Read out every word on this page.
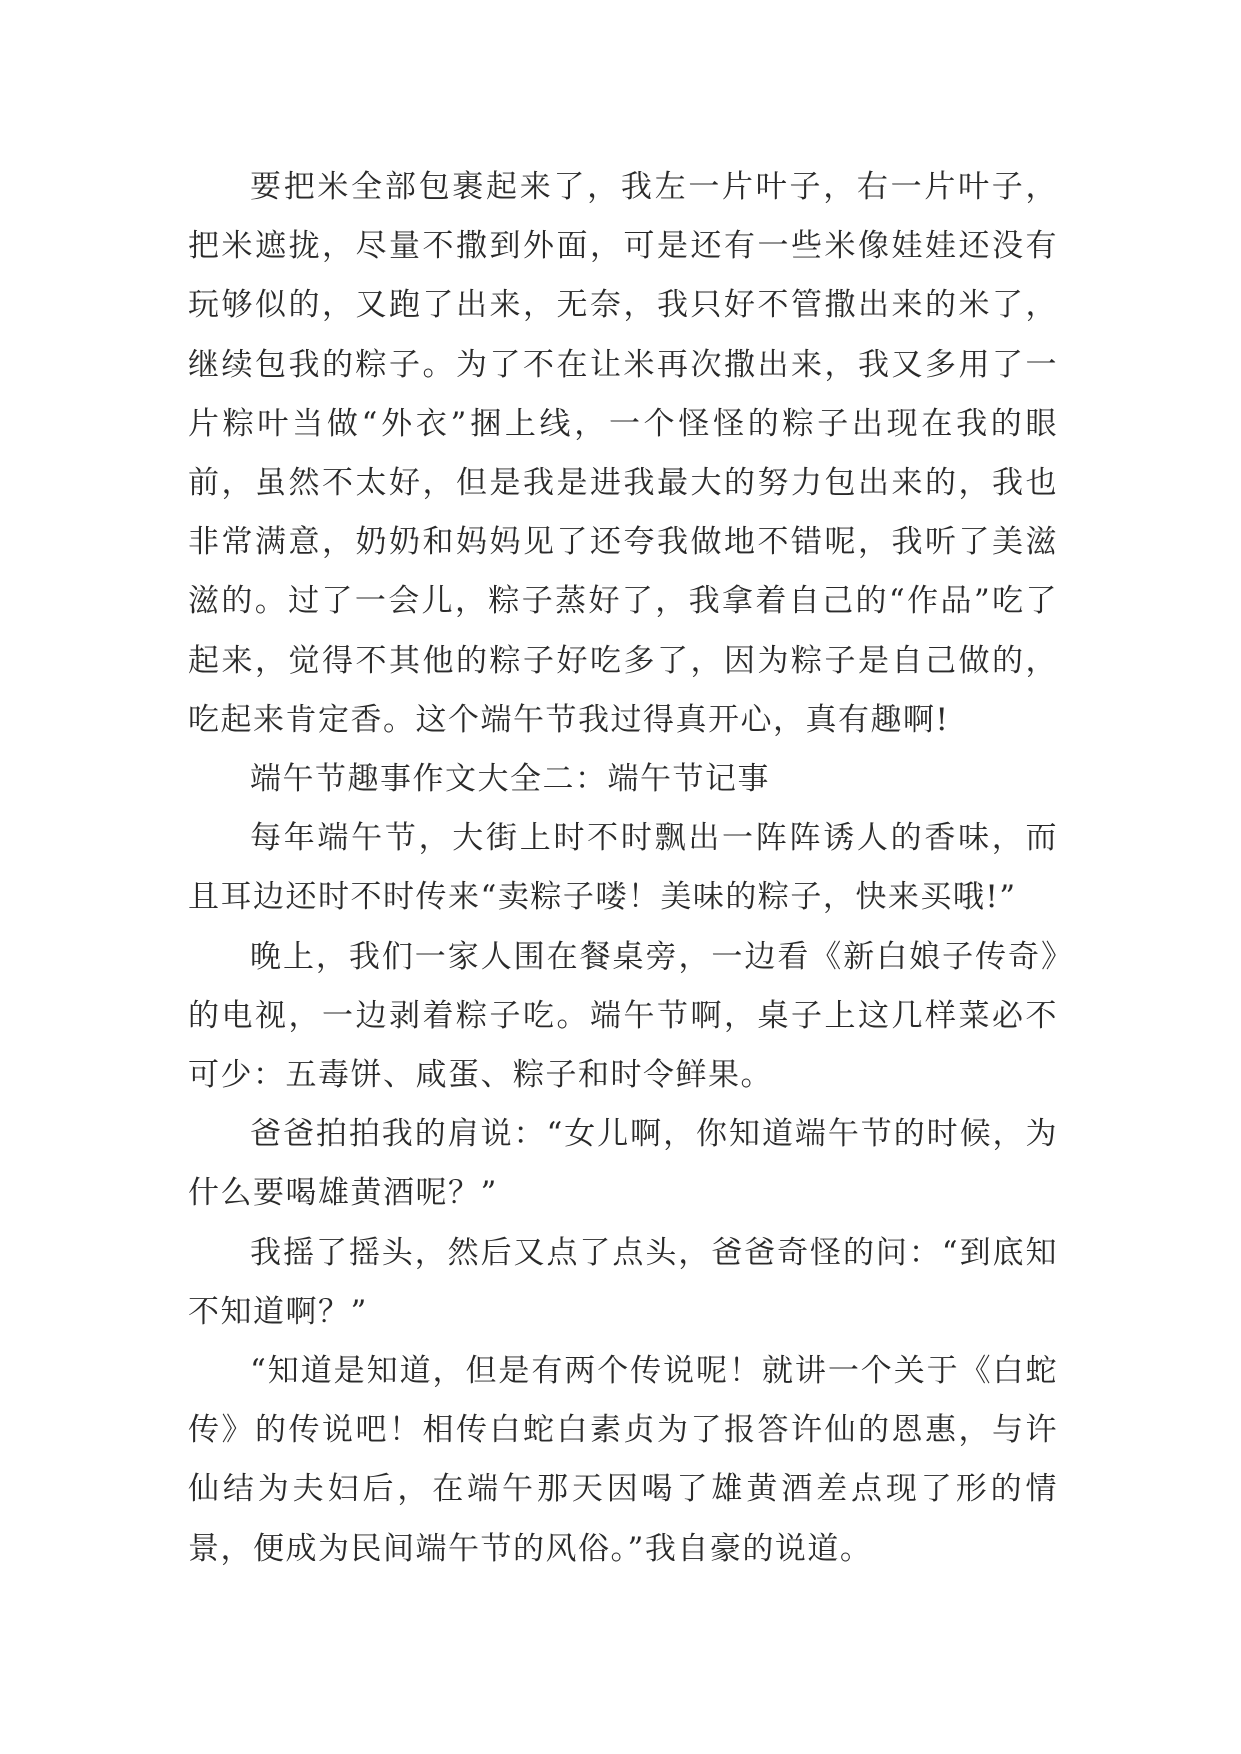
要把米全部包裹起来了，我左一片叶子，右一片叶子，把米遮拢，尽量不撒到外面，可是还有一些米像娃娃还没有玩够似的，又跑了出来，无奈，我只好不管撒出来的米了，继续包我的粽子。为了不在让米再次撒出来，我又多用了一片粽叶当做“外衣”捆上线，一个怪怪的粽子出现在我的眼前，虽然不太好，但是我是进我最大的努力包出来的，我也非常满意，奶奶和妈妈见了还夸我做地不错呢，我听了美滋滋的。过了一会儿，粽子蒸好了，我拿着自己的“作品”吃了起来，觉得不其他的粽子好吃多了，因为粽子是自己做的，吃起来肯定香。这个端午节我过得真开心，真有趣啊!

端午节趣事作文大全二：端午节记事

每年端午节，大街上时不时飘出一阵阵诱人的香味，而且耳边还时不时传来“卖粽子喽！美味的粽子，快来买哦!”

晚上，我们一家人围在餐桌旁，一边看《新白娘子传奇》的电视，一边剥着粽子吃。端午节啊，桌子上这几样菜必不可少：五毒饼、咸蛋、粽子和时令鲜果。

爸爸拍拍我的肩说：“女儿啊，你知道端午节的时候，为什么要喝雄黄酒呢？”

我摇了摇头，然后又点了点头，爸爸奇怪的问：“到底知不知道啊？”

“知道是知道，但是有两个传说呢！就讲一个关于《白蛇传》的传说吧！相传白蛇白素贞为了报答许仙的恩惠，与许仙结为夫妇后，在端午那天因喝了雄黄酒差点现了形的情景，便成为民间端午节的风俗。”我自豪的说道。
